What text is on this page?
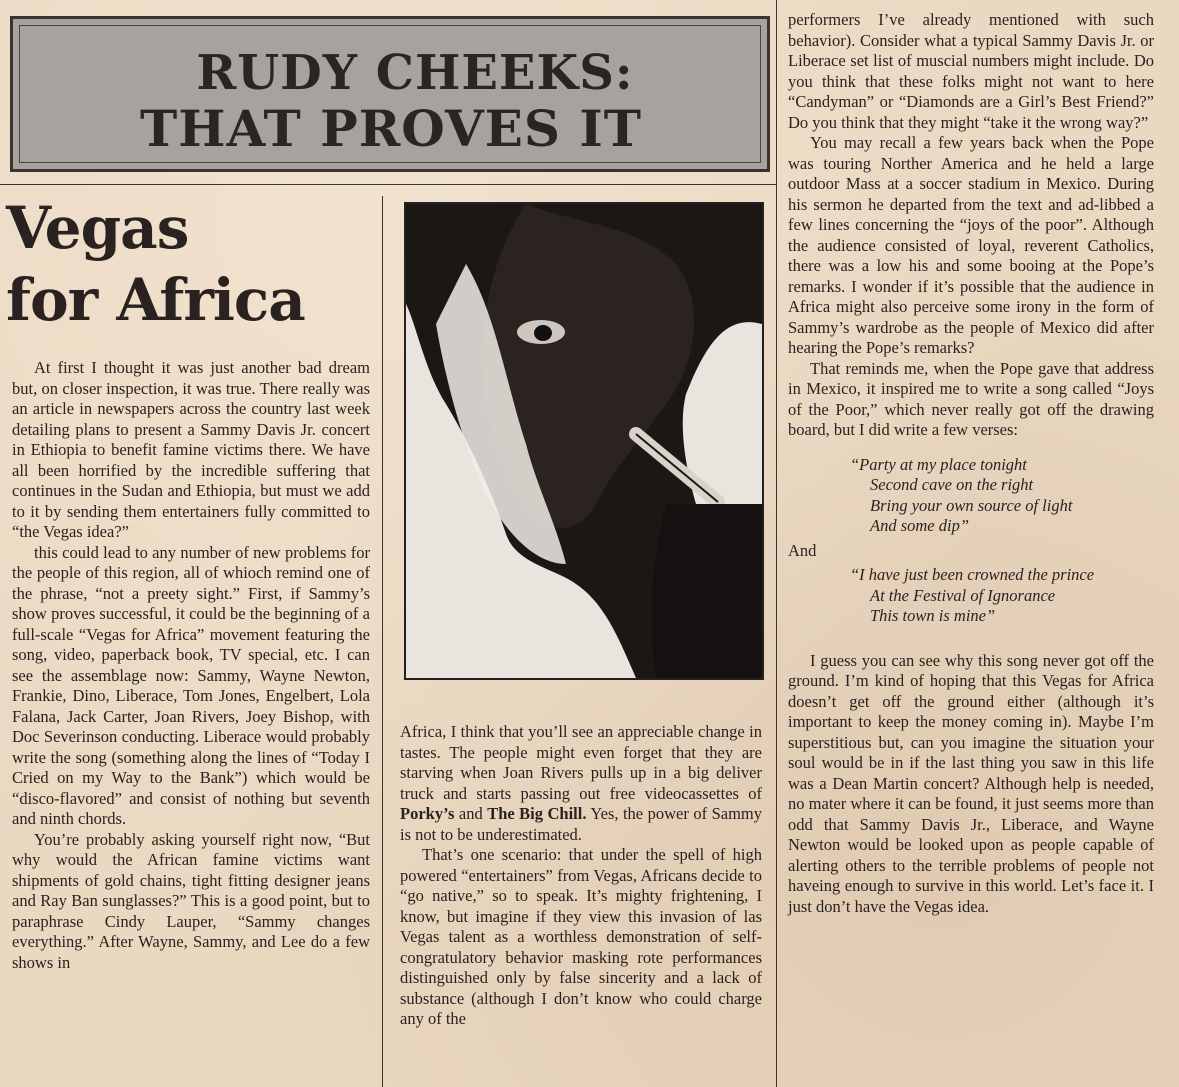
RUDY CHEEKS:
THAT PROVES IT
Vegas
for Africa

At first I thought it was just another bad dream but, on closer inspection, it was true. There really was an article in newspapers across the country last week detailing plans to present a Sammy Davis Jr. concert in Ethiopia to benefit famine victims there. We have all been horrified by the incredible suffering that continues in the Sudan and Ethiopia, but must we add to it by sending them entertainers fully committed to “the Vegas idea?”

this could lead to any number of new problems for the people of this region, all of whioch remind one of the phrase, “not a preety sight.” First, if Sammy’s show proves successful, it could be the beginning of a full-scale “Vegas for Africa” movement featuring the song, video, paperback book, TV special, etc. I can see the assemblage now: Sammy, Wayne Newton, Frankie, Dino, Liberace, Tom Jones, Engelbert, Lola Falana, Jack Carter, Joan Rivers, Joey Bishop, with Doc Severinson conducting. Liberace would probably write the song (something along the lines of “Today I Cried on my Way to the Bank”) which would be “disco-flavored” and consist of nothing but seventh and ninth chords.

You’re probably asking yourself right now, “But why would the African famine victims want shipments of gold chains, tight fitting designer jeans and Ray Ban sunglasses?” This is a good point, but to paraphrase Cindy Lauper, “Sammy changes everything.” After Wayne, Sammy, and Lee do a few shows in

Africa, I think that you’ll see an appreciable change in tastes. The people might even forget that they are starving when Joan Rivers pulls up in a big deliver truck and starts passing out free videocassettes of Porky’s and The Big Chill. Yes, the power of Sammy is not to be underestimated.

That’s one scenario: that under the spell of high powered “entertainers” from Vegas, Africans decide to “go native,” so to speak. It’s mighty frightening, I know, but imagine if they view this invasion of las Vegas talent as a worthless demonstration of self-congratulatory behavior masking rote performances distinguished only by false sincerity and a lack of substance (although I don’t know who could charge any of the

performers I’ve already mentioned with such behavior). Consider what a typical Sammy Davis Jr. or Liberace set list of muscial numbers might include. Do you think that these folks might not want to here “Candyman” or “Diamonds are a Girl’s Best Friend?” Do you think that they might “take it the wrong way?”

You may recall a few years back when the Pope was touring Norther America and he held a large outdoor Mass at a soccer stadium in Mexico. During his sermon he departed from the text and ad-libbed a few lines concerning the “joys of the poor”. Although the audience consisted of loyal, reverent Catholics, there was a low his and some booing at the Pope’s remarks. I wonder if it’s possible that the audience in Africa might also perceive some irony in the form of Sammy’s wardrobe as the people of Mexico did after hearing the Pope’s remarks?

That reminds me, when the Pope gave that address in Mexico, it inspired me to write a song called “Joys of the Poor,” which never really got off the drawing board, but I did write a few verses:

“Party at my place tonight
Second cave on the right
Bring your own source of light
And some dip”
And
“I have just been crowned the prince
At the Festival of Ignorance
This town is mine”

I guess you can see why this song never got off the ground. I’m kind of hoping that this Vegas for Africa doesn’t get off the ground either (although it’s important to keep the money coming in). Maybe I’m superstitious but, can you imagine the situation your soul would be in if the last thing you saw in this life was a Dean Martin concert? Although help is needed, no mater where it can be found, it just seems more than odd that Sammy Davis Jr., Liberace, and Wayne Newton would be looked upon as people capable of alerting others to the terrible problems of people not haveing enough to survive in this world. Let’s face it. I just don’t have the Vegas idea.
